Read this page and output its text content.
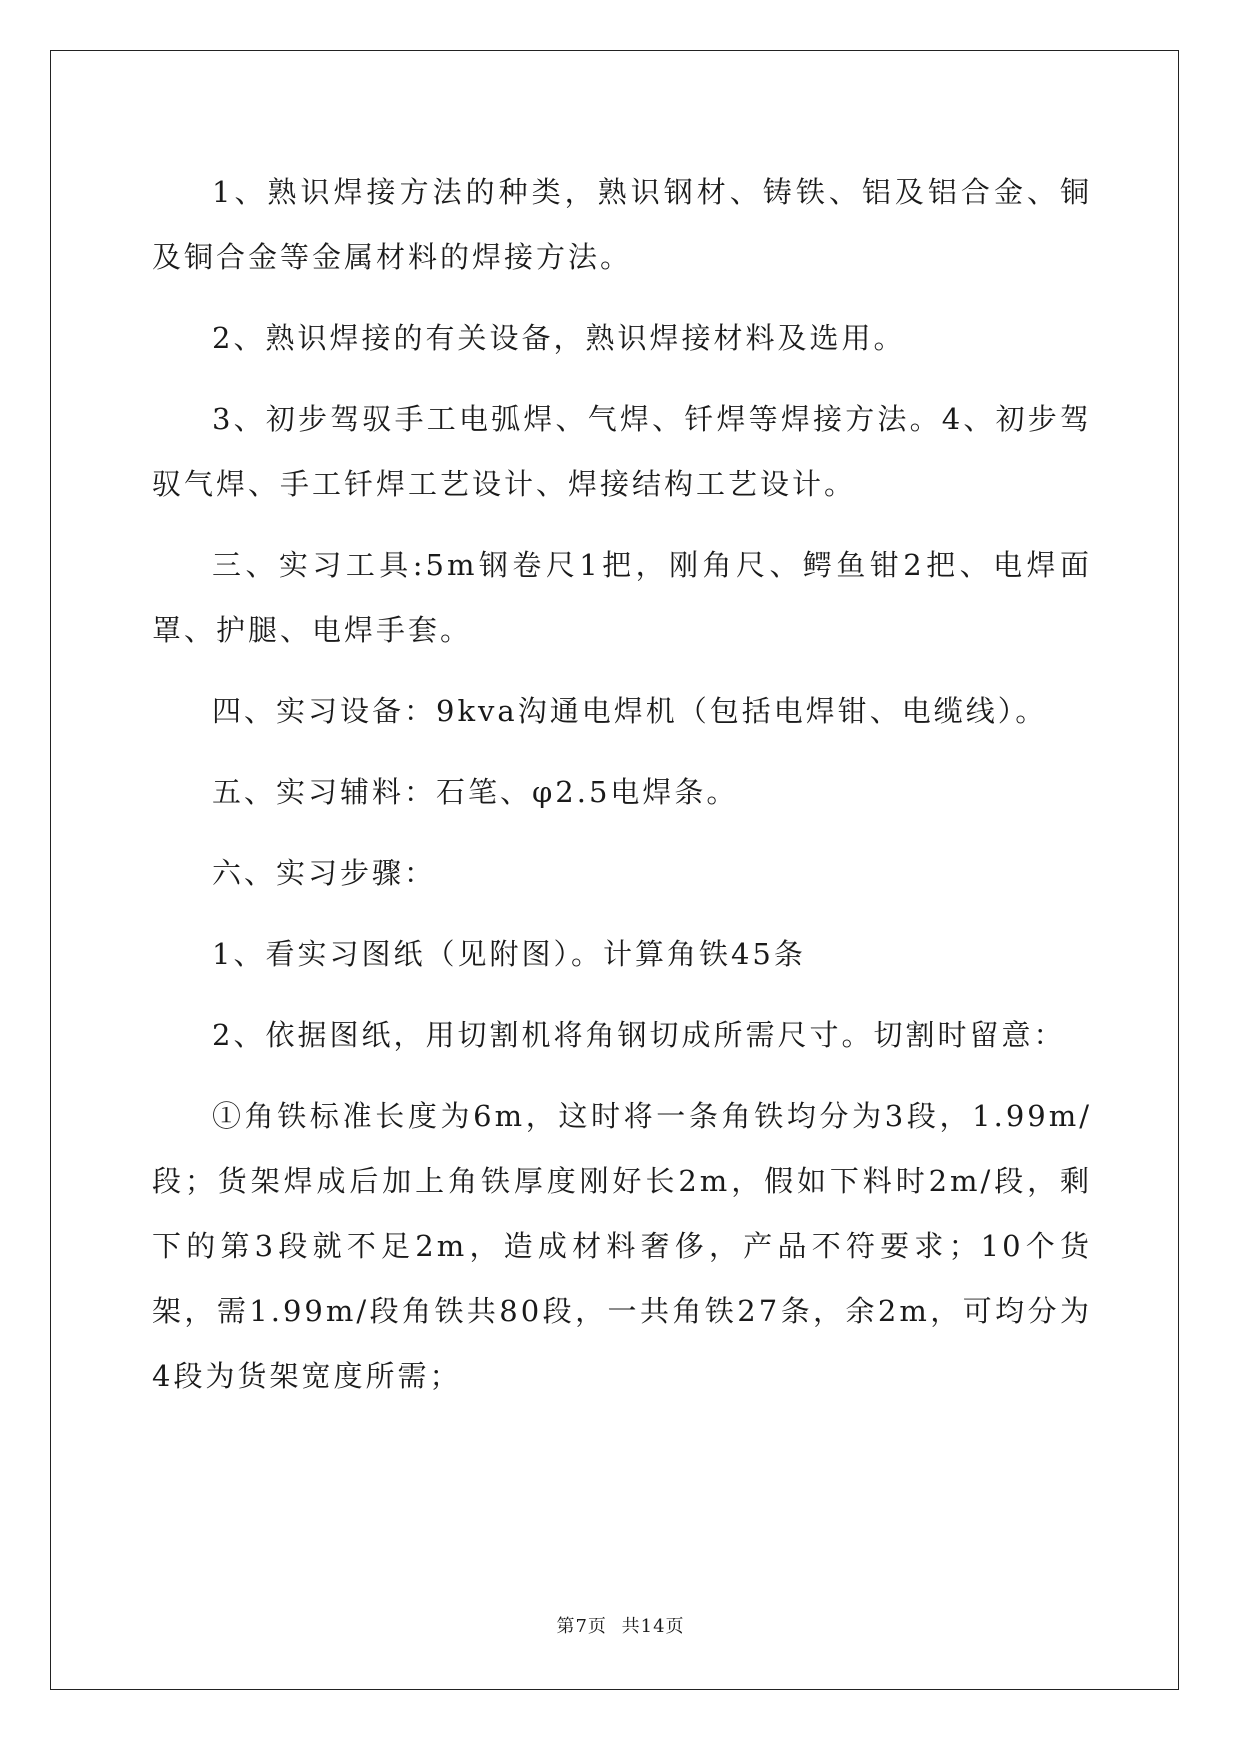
1、熟识焊接方法的种类，熟识钢材、铸铁、铝及铝合金、铜及铜合金等金属材料的焊接方法。

2、熟识焊接的有关设备，熟识焊接材料及选用。

3、初步驾驭手工电弧焊、气焊、钎焊等焊接方法。4、初步驾驭气焊、手工钎焊工艺设计、焊接结构工艺设计。

三、实习工具:5m钢卷尺1把，刚角尺、鳄鱼钳2把、电焊面罩、护腿、电焊手套。

四、实习设备：9kva沟通电焊机（包括电焊钳、电缆线）。

五、实习辅料：石笔、φ2.5电焊条。

六、实习步骤：

1、看实习图纸（见附图）。计算角铁45条

2、依据图纸，用切割机将角钢切成所需尺寸。切割时留意：

①角铁标准长度为6m，这时将一条角铁均分为3段，1.99m/段；货架焊成后加上角铁厚度刚好长2m，假如下料时2m/段，剩下的第3段就不足2m，造成材料奢侈，产品不符要求；10个货架，需1.99m/段角铁共80段，一共角铁27条，余2m，可均分为4段为货架宽度所需；

第7页 共14页
